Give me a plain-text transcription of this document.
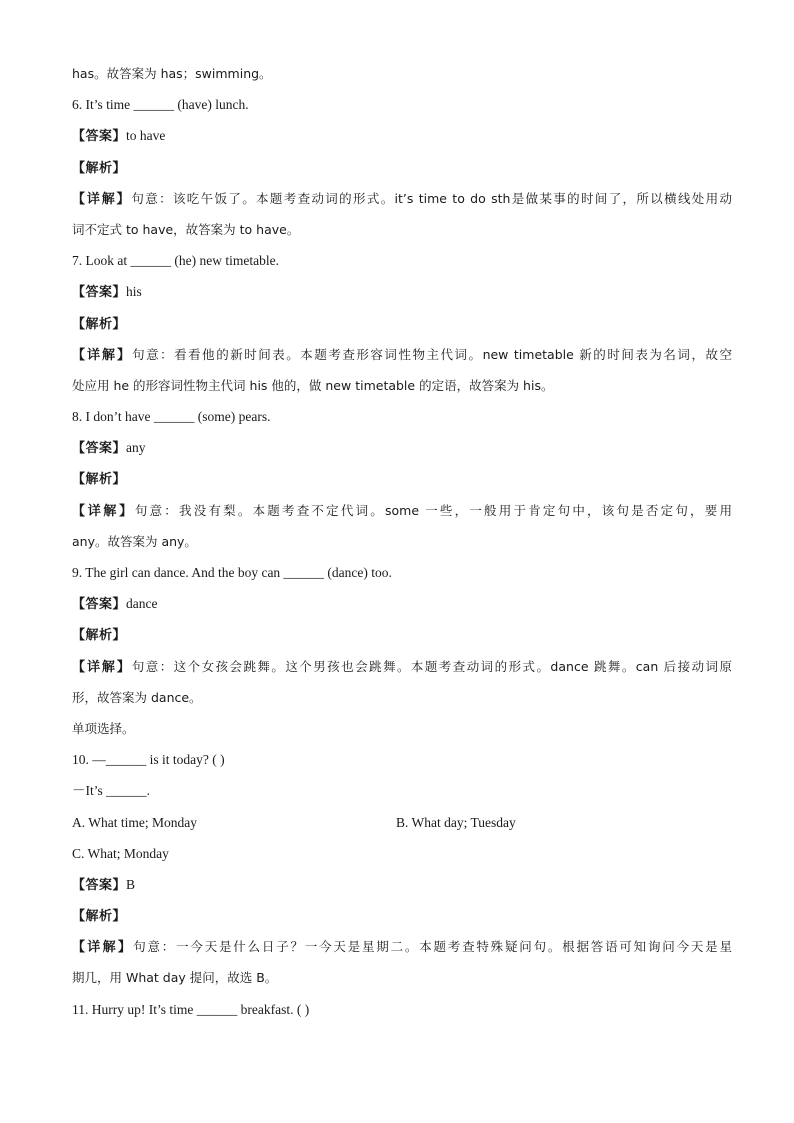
has。故答案为 has；swimming。
6. It’s time ______ (have) lunch.
【答案】to have
【解析】
【详解】句意：该吃午饭了。本题考查动词的形式。it’s time to do sth是做某事的时间了，所以横线处用动
词不定式 to have，故答案为 to have。
7. Look at ______ (he) new timetable.
【答案】his
【解析】
【详解】句意：看看他的新时间表。本题考查形容词性物主代词。new timetable 新的时间表为名词，故空
处应用 he 的形容词性物主代词 his 他的，做 new timetable 的定语，故答案为 his。
8. I don’t have ______ (some) pears.
【答案】any
【解析】
【详解】句意：我没有梨。本题考查不定代词。some 一些，一般用于肯定句中，该句是否定句，要用
any。故答案为 any。
9. The girl can dance. And the boy can ______ (dance) too.
【答案】dance
【解析】
【详解】句意：这个女孩会跳舞。这个男孩也会跳舞。本题考查动词的形式。dance 跳舞。can 后接动词原
形，故答案为 dance。
单项选择。
10. —______ is it today? ( )
－It’s ______.
A. What time; Monday	B. What day; Tuesday
C. What; Monday
【答案】B
【解析】
【详解】句意：一今天是什么日子？一今天是星期二。本题考查特殊疑问句。根据答语可知询问今天是星
期几，用 What day 提问，故选 B。
11. Hurry up! It’s time ______ breakfast. ( )
